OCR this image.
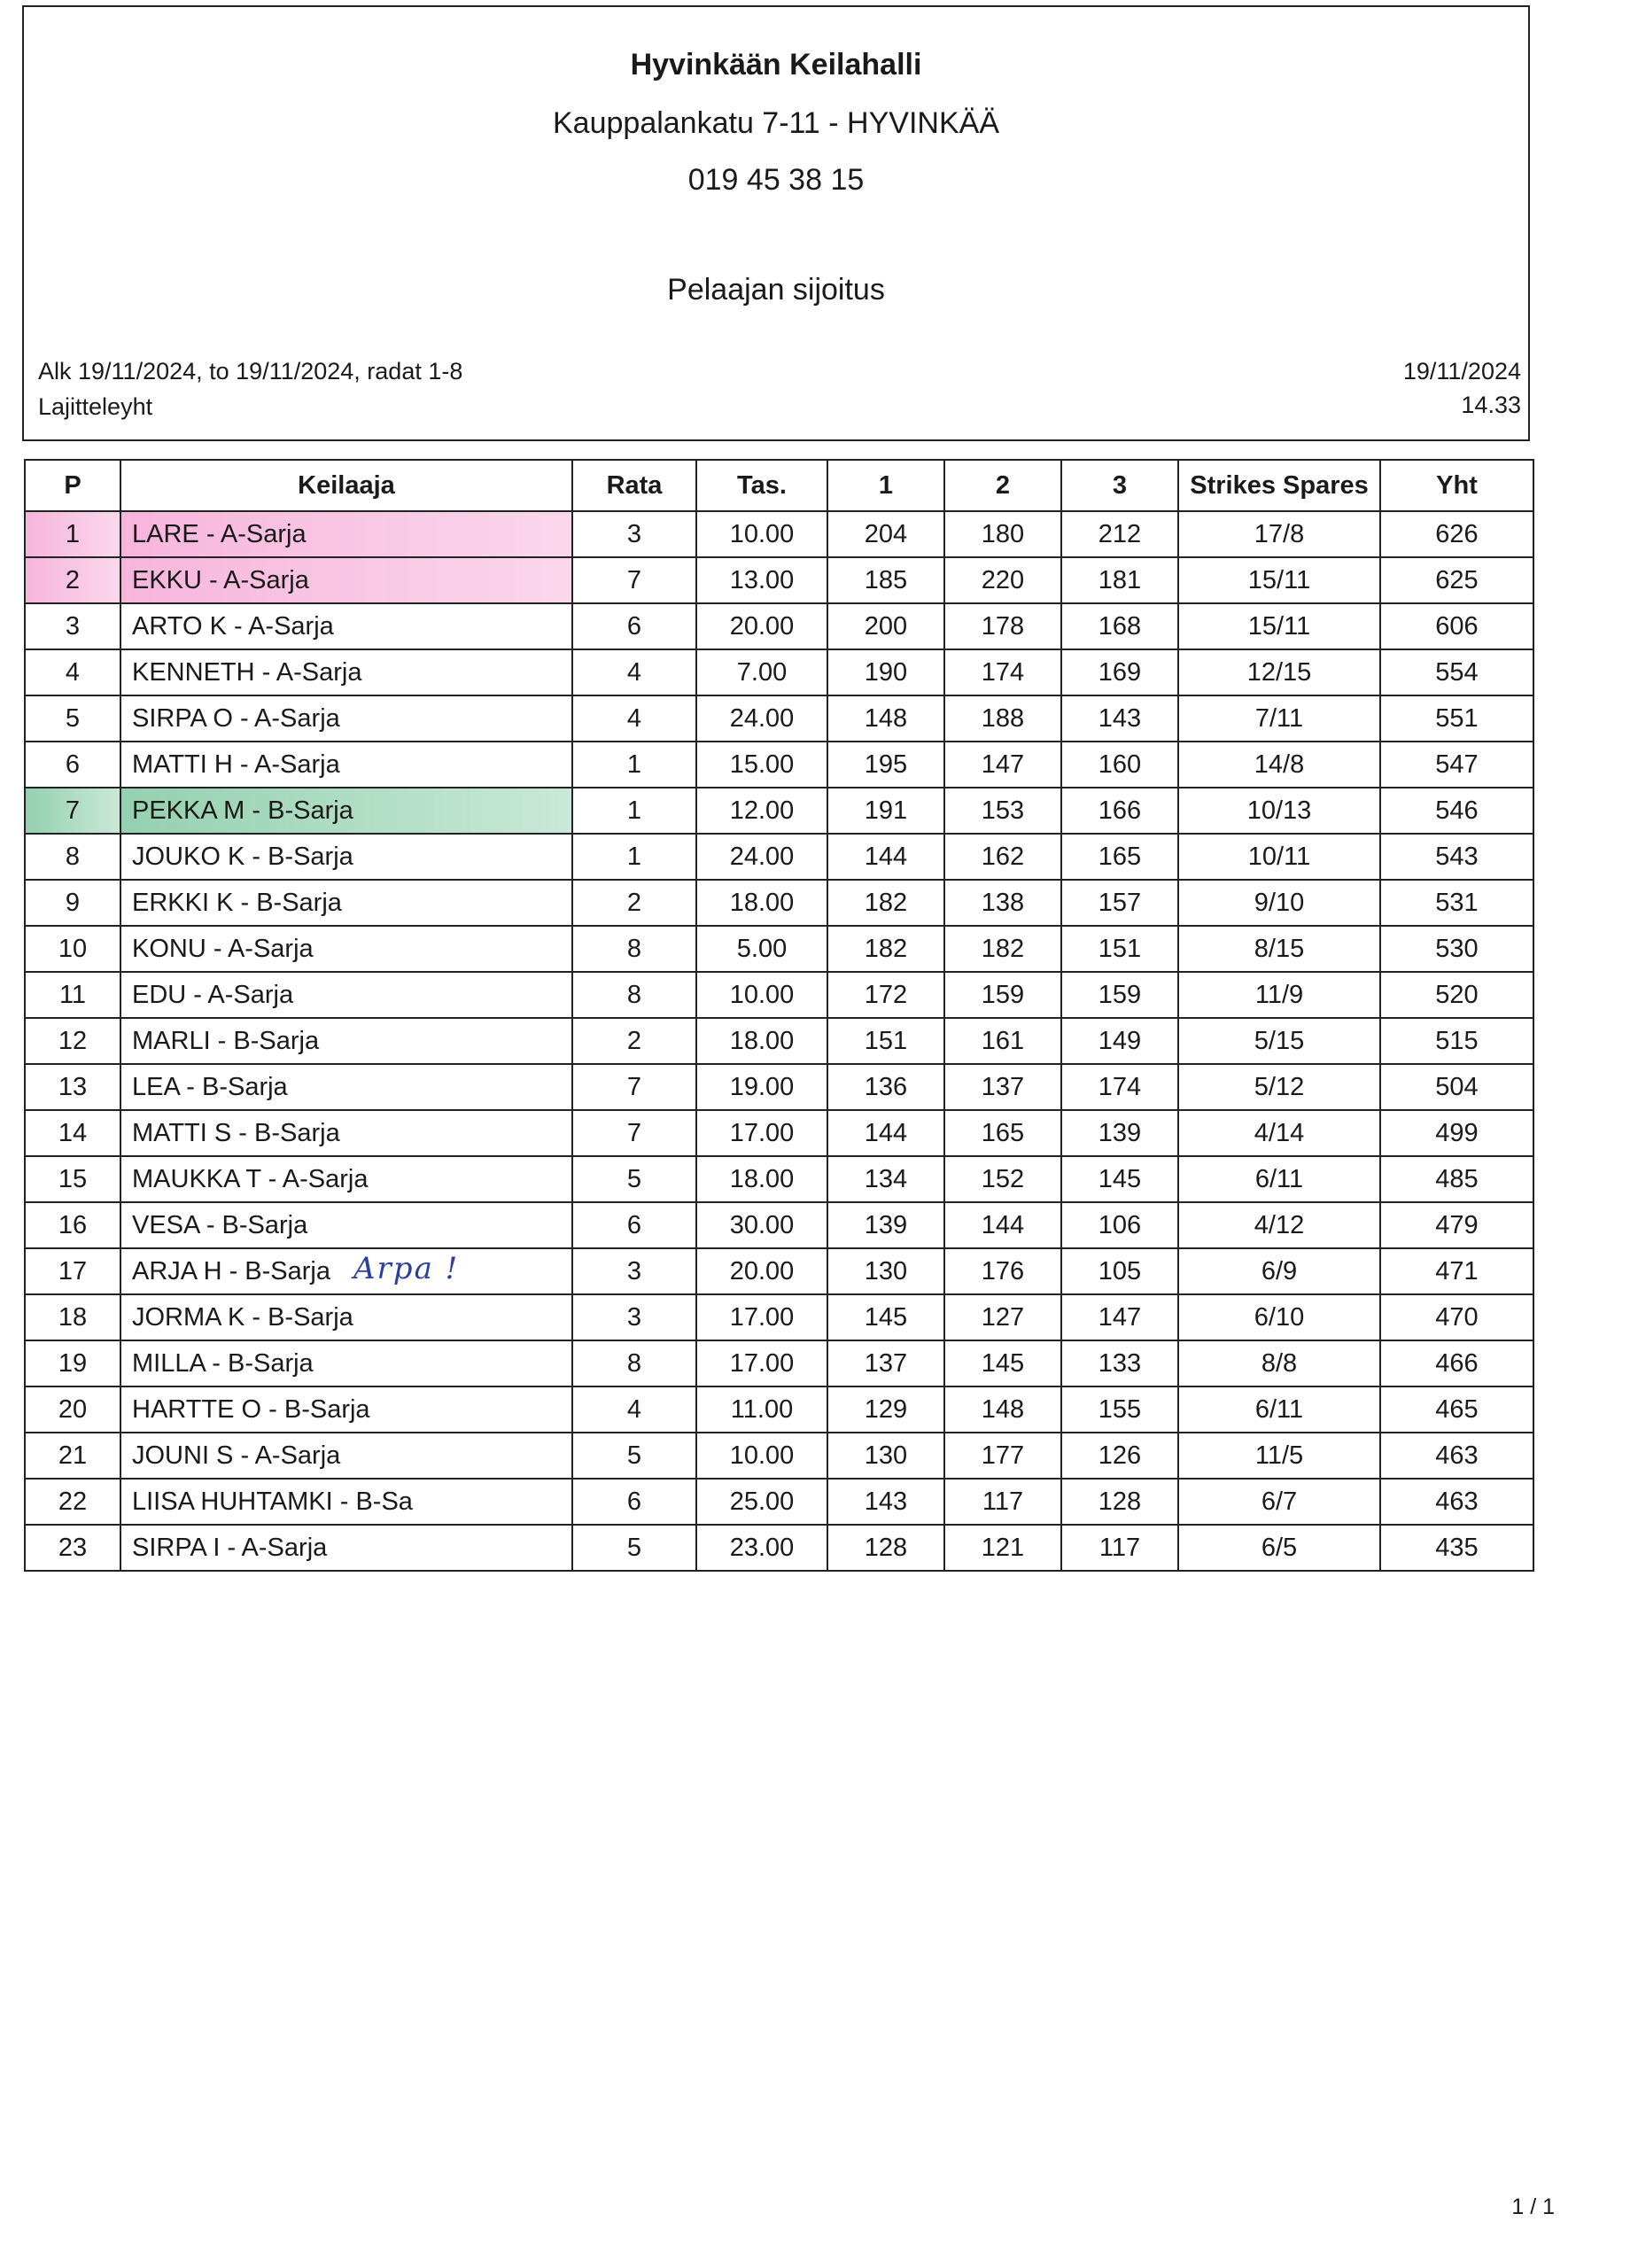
Hyvinkään Keilahalli
Kauppalankatu 7-11 - HYVINKÄÄ
019 45 38 15
Pelaajan sijoitus
Alk 19/11/2024, to 19/11/2024, radat 1-8
Lajitteleyht
19/11/2024
14.33
P	Keilaaja	Rata	Tas.	1	2	3	Strikes Spares	Yht
1	LARE - A-Sarja	3	10.00	204	180	212	17/8	626
2	EKKU - A-Sarja	7	13.00	185	220	181	15/11	625
3	ARTO K - A-Sarja	6	20.00	200	178	168	15/11	606
4	KENNETH - A-Sarja	4	7.00	190	174	169	12/15	554
5	SIRPA O - A-Sarja	4	24.00	148	188	143	7/11	551
6	MATTI H - A-Sarja	1	15.00	195	147	160	14/8	547
7	PEKKA M - B-Sarja	1	12.00	191	153	166	10/13	546
8	JOUKO K - B-Sarja	1	24.00	144	162	165	10/11	543
9	ERKKI K - B-Sarja	2	18.00	182	138	157	9/10	531
10	KONU - A-Sarja	8	5.00	182	182	151	8/15	530
11	EDU - A-Sarja	8	10.00	172	159	159	11/9	520
12	MARLI - B-Sarja	2	18.00	151	161	149	5/15	515
13	LEA - B-Sarja	7	19.00	136	137	174	5/12	504
14	MATTI S - B-Sarja	7	17.00	144	165	139	4/14	499
15	MAUKKA T - A-Sarja	5	18.00	134	152	145	6/11	485
16	VESA - B-Sarja	6	30.00	139	144	106	4/12	479
17	ARJA H - B-Sarja Arpa !	3	20.00	130	176	105	6/9	471
18	JORMA K - B-Sarja	3	17.00	145	127	147	6/10	470
19	MILLA - B-Sarja	8	17.00	137	145	133	8/8	466
20	HARTTE O - B-Sarja	4	11.00	129	148	155	6/11	465
21	JOUNI S - A-Sarja	5	10.00	130	177	126	11/5	463
22	LIISA HUHTAMKI - B-Sa	6	25.00	143	117	128	6/7	463
23	SIRPA I - A-Sarja	5	23.00	128	121	117	6/5	435
1 / 1
